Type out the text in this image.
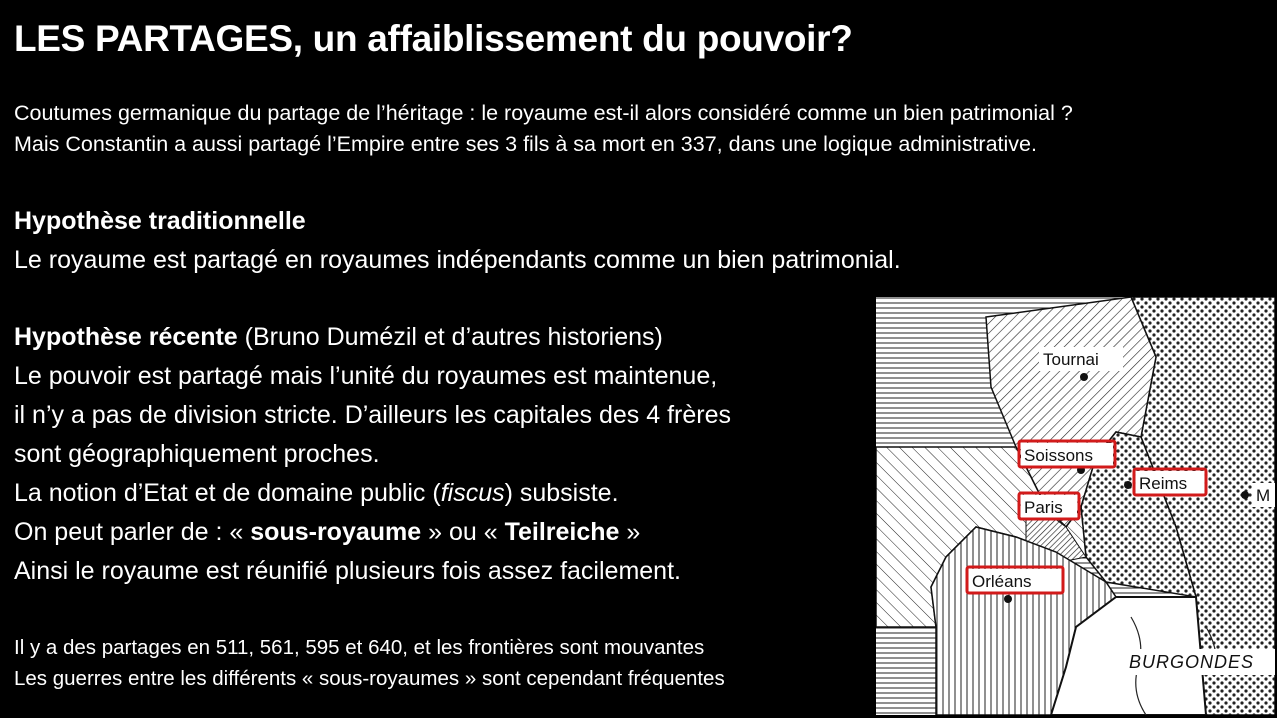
LES PARTAGES, un affaiblissement du pouvoir?
Coutumes germanique du partage de l’héritage : le royaume est-il alors considéré comme un bien patrimonial ?
Mais Constantin a aussi partagé l’Empire entre ses 3 fils à sa mort en 337, dans une logique administrative.
Hypothèse traditionnelle
Le royaume est partagé en royaumes indépendants comme un bien patrimonial.
Hypothèse récente (Bruno Dumézil et d’autres historiens)
Le pouvoir est partagé mais l’unité du royaumes est maintenue,
il n’y a pas de division stricte. D’ailleurs les capitales des 4 frères
sont géographiquement proches.
La notion d’Etat et de domaine public (fiscus) subsiste.
On peut parler de : « sous-royaume » ou « Teilreiche »
Ainsi le royaume est réunifié plusieurs fois assez facilement.
Il y a des partages en 511, 561, 595 et 640, et les frontières sont mouvantes
Les guerres entre les différents « sous-royaumes » sont cependant fréquentes
Tournai
Soissons
Reims
Paris
Orléans
M
BURGONDES
